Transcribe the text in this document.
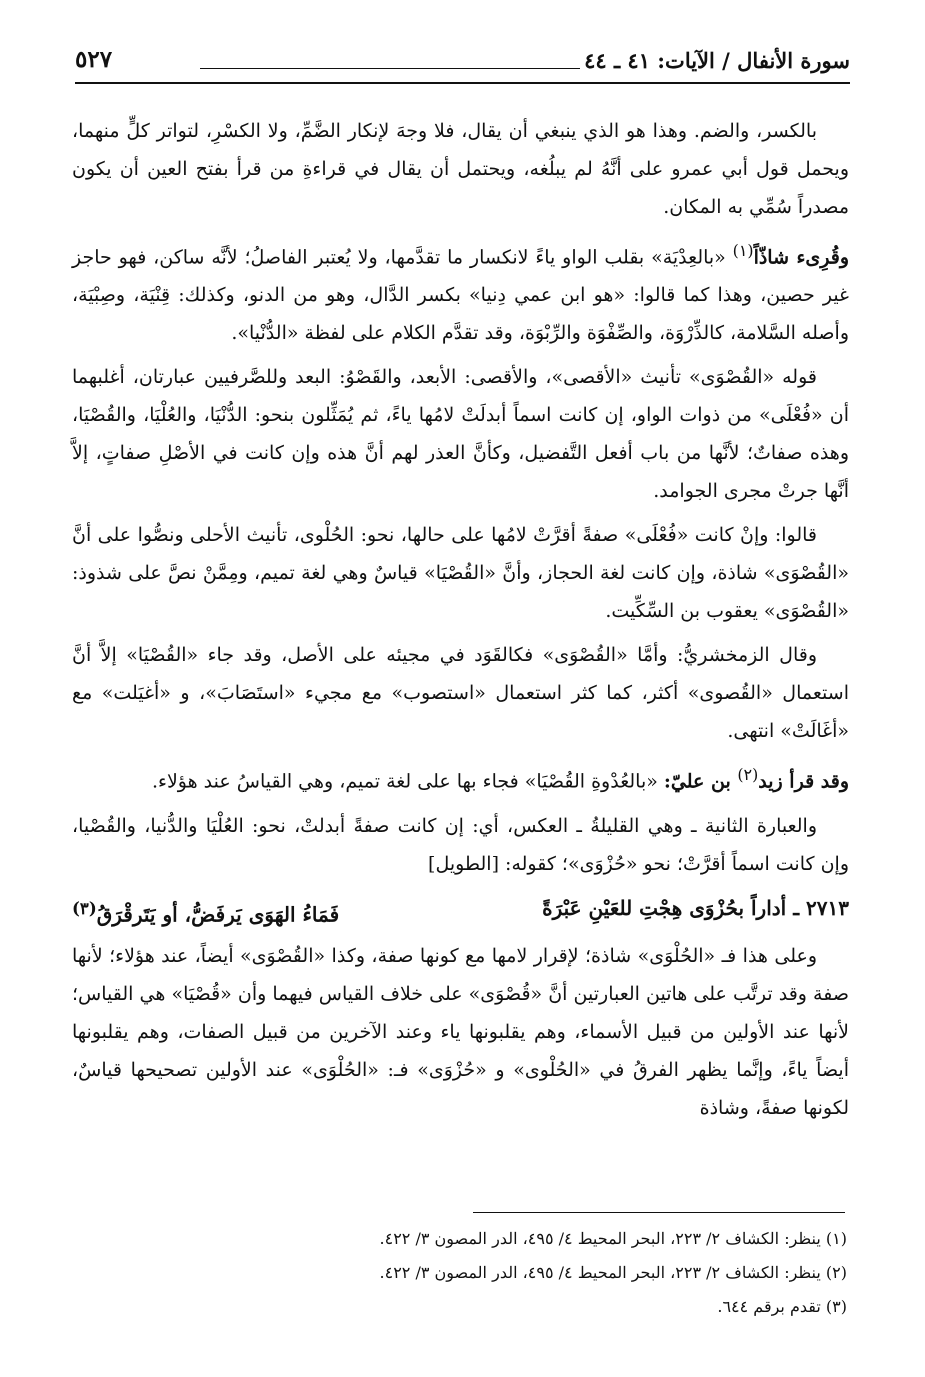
سورة الأنفال / الآيات: ٤١ ـ ٤٤
٥٢٧

بالكسر، والضم. وهذا هو الذي ينبغي أن يقال، فلا وجهَ لإنكار الضَّمِّ، ولا الكسْرِ، لتواتر كلٍّ منهما، ويحمل قول أبي عمرو على أنَّهُ لم يبلُغه، ويحتمل أن يقال في قراءةِ من قرأ بفتح العين أن يكون مصدراً سُمِّي به المكان.

وقُرِىء شاذّاً$^{(١)}$ «بالعِدْيَة» بقلب الواو ياءً لانكسار ما تقدَّمها، ولا يُعتبر الفاصلُ؛ لأنَّه ساكن، فهو حاجز غير حصين، وهذا كما قالوا: «هو ابن عمي دِنيا» بكسر الدَّال، وهو من الدنو، وكذلك: قِنْيَة، وصِبْيَة، وأصله السَّلامة، كالذِّرْوَة، والصِّفْوَة والرِّبْوَة، وقد تقدَّم الكلام على لفظة «الدُّنْيا».

قوله «القُصْوَى» تأنيث «الأقصى»، والأقصى: الأبعد، والقَصْوُ: البعد وللصَّرفيين عبارتان، أغلبهما أن «فُعْلَى» من ذوات الواو، إن كانت اسماً أبدلَتْ لامُها ياءً، ثم يُمَثِّلون بنحو: الدُّنْيَا، والعُلْيَا، والقُصْيَا، وهذه صفاتٌ؛ لأنَّها من باب أفعل التَّفضيل، وكأنَّ العذر لهم أنَّ هذه وإن كانت في الأصْلِ صفاتٍ، إلاَّ أنَّها جرتْ مجرى الجوامد.

قالوا: وإنْ كانت «فُعْلَى» صفةً أقرَّتْ لامُها على حالها، نحو: الحُلْوى، تأنيث الأحلى ونصُّوا على أنَّ «القُصْوَى» شاذة، وإن كانت لغة الحجاز، وأنَّ «القُصْيَا» قياسٌ وهي لغة تميم، ومِمَّنْ نصَّ على شذوذ: «القُصْوَى» يعقوب بن السِّكِّيت.

وقال الزمخشريُّ: وأمَّا «القُصْوَى» فكالقَوَد في مجيئه على الأصل، وقد جاء «القُصْيَا» إلاَّ أنَّ استعمال «القُصوى» أكثر، كما كثر استعمال «استصوب» مع مجيء «استَصَابَ»، و «أغيَلت» مع «أغَالَتْ» انتهى.

وقد قرأ زيد$^{(٢)}$ بن عليّ: «بالعُدْوةِ القُصْيَا» فجاء بها على لغة تميم، وهي القياسُ عند هؤلاء.

والعبارة الثانية ـ وهي القليلةُ ـ العكس، أي: إن كانت صفةً أبدلتْ، نحو: العُلْيَا والدُّنيا، والقُصْيا، وإن كانت اسماً أقرَّتْ؛ نحو «حُزْوَى»؛ كقوله: [الطويل]

٢٧١٣ ـ أداراً بحُزْوَى هِجْتِ للعَيْنِ عَبْرَةً
فَمَاءُ الهَوَى يَرفَضُّ، أو يَتَرقْرَقُ$^{(٣)}$

وعلى هذا فـ «الحُلْوَى» شاذة؛ لإقرار لامها مع كونها صفة، وكذا «القُصْوَى» أيضاً، عند هؤلاء؛ لأنها صفة وقد ترتَّب على هاتين العبارتين أنَّ «قُصْوَى» على خلاف القياس فيهما وأن «قُصْيَا» هي القياس؛ لأنها عند الأولين من قبيل الأسماء، وهم يقلبونها ياء وعند الآخرين من قبيل الصفات، وهم يقلبونها أيضاً ياءً، وإنَّما يظهر الفرقُ في «الحُلْوى» و «حُزْوَى» فـ: «الحُلْوَى» عند الأولين تصحيحها قياسٌ، لكونها صفةً، وشاذة

(١) ينظر: الكشاف ٢/ ٢٢٣، البحر المحيط ٤/ ٤٩٥، الدر المصون ٣/ ٤٢٢.
(٢) ينظر: الكشاف ٢/ ٢٢٣، البحر المحيط ٤/ ٤٩٥، الدر المصون ٣/ ٤٢٢.
(٣) تقدم برقم ٦٤٤.
